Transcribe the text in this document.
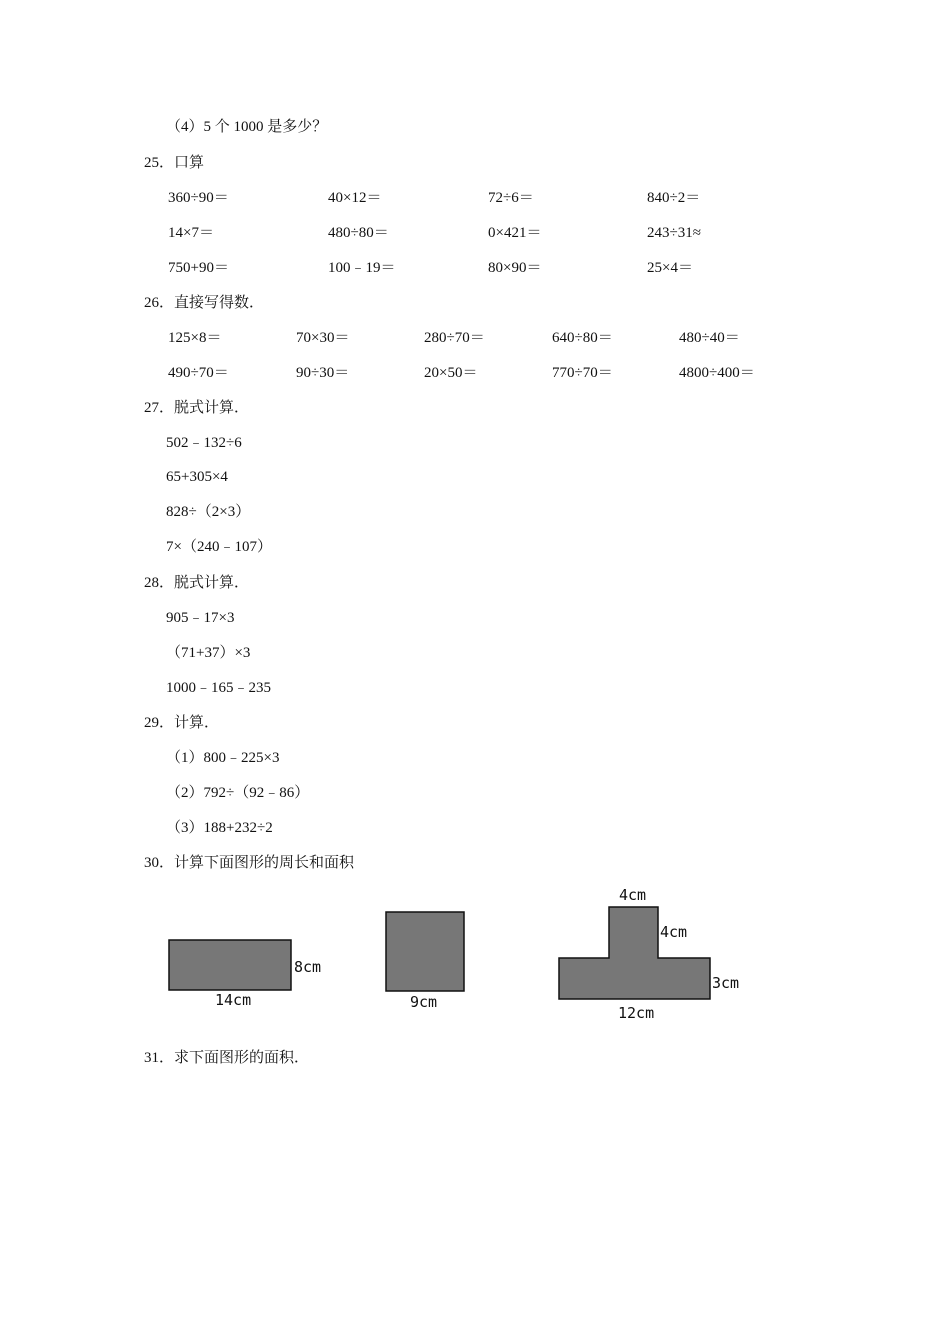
（4）5 个 1000 是多少？
25．口算
360÷90＝	40×12＝	72÷6＝	840÷2＝
14×7＝	480÷80＝	0×421＝	243÷31≈
750+90＝	100﹣19＝	80×90＝	25×4＝
26．直接写得数．
125×8＝	70×30＝	280÷70＝	640÷80＝	480÷40＝
490÷70＝	90÷30＝	20×50＝	770÷70＝	4800÷400＝
27．脱式计算．
502﹣132÷6
65+305×4
828÷（2×3）
7×（240﹣107）
28．脱式计算．
905﹣17×3
（71+37）×3
1000﹣165﹣235
29．计算．
（1）800﹣225×3
（2）792÷（92﹣86）
（3）188+232÷2
30．计算下面图形的周长和面积
8cm
14cm	9cm
4cm
4cm
3cm
12cm
31．求下面图形的面积．
